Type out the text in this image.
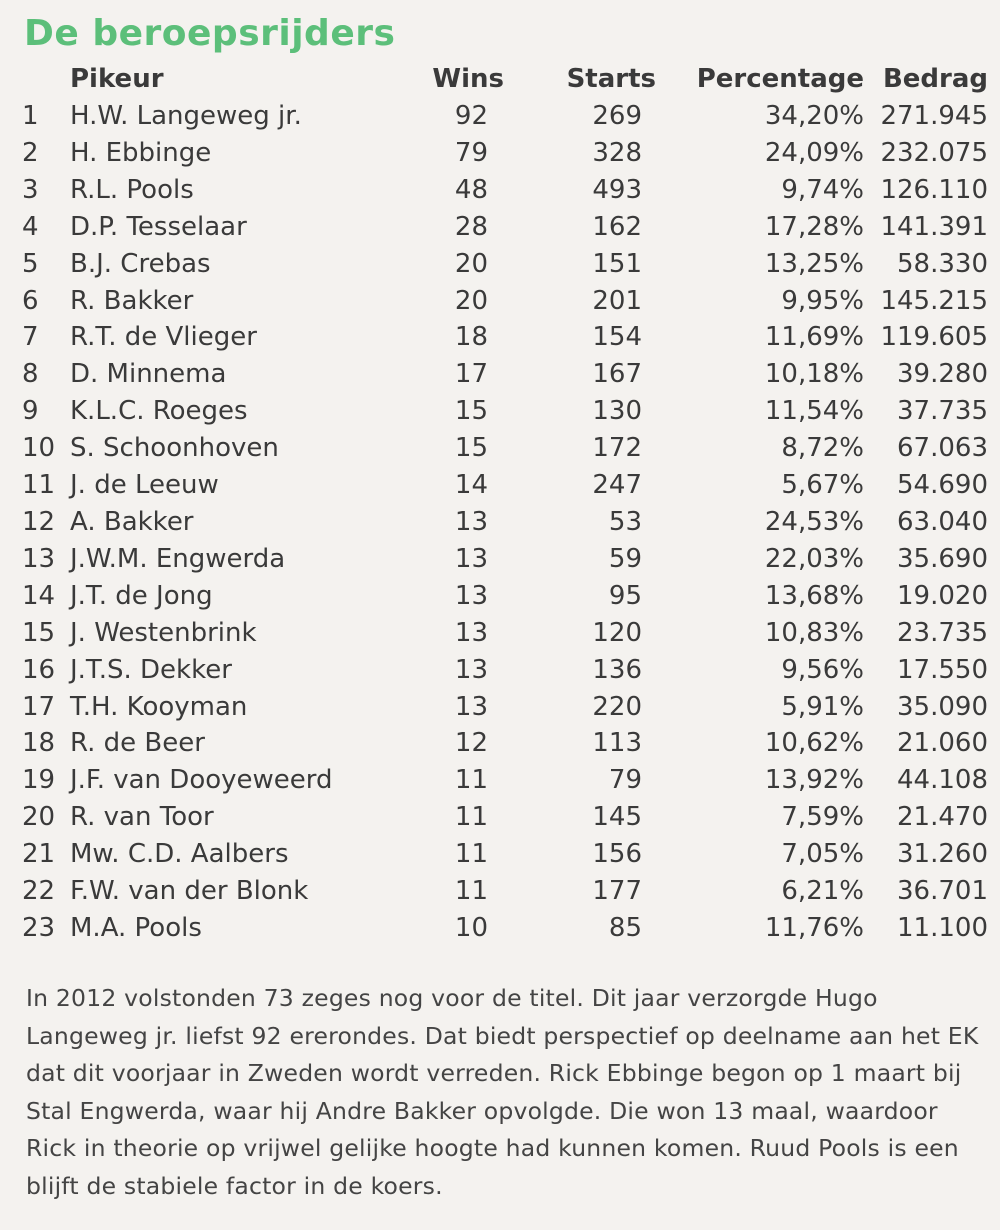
De beroepsrijders
	Pikeur	Wins	Starts	Percentage	Bedrag
1	H.W. Langeweg jr.	92	269	34,20%	271.945
2	H. Ebbinge	79	328	24,09%	232.075
3	R.L. Pools	48	493	9,74%	126.110
4	D.P. Tesselaar	28	162	17,28%	141.391
5	B.J. Crebas	20	151	13,25%	58.330
6	R. Bakker	20	201	9,95%	145.215
7	R.T. de Vlieger	18	154	11,69%	119.605
8	D. Minnema	17	167	10,18%	39.280
9	K.L.C. Roeges	15	130	11,54%	37.735
10	S. Schoonhoven	15	172	8,72%	67.063
11	J. de Leeuw	14	247	5,67%	54.690
12	A. Bakker	13	53	24,53%	63.040
13	J.W.M. Engwerda	13	59	22,03%	35.690
14	J.T. de Jong	13	95	13,68%	19.020
15	J. Westenbrink	13	120	10,83%	23.735
16	J.T.S. Dekker	13	136	9,56%	17.550
17	T.H. Kooyman	13	220	5,91%	35.090
18	R. de Beer	12	113	10,62%	21.060
19	J.F. van Dooyeweerd	11	79	13,92%	44.108
20	R. van Toor	11	145	7,59%	21.470
21	Mw. C.D. Aalbers	11	156	7,05%	31.260
22	F.W. van der Blonk	11	177	6,21%	36.701
23	M.A. Pools	10	85	11,76%	11.100

In 2012 volstonden 73 zeges nog voor de titel. Dit jaar verzorgde Hugo Langeweg jr. liefst 92 ererondes. Dat biedt perspectief op deelname aan het EK dat dit voorjaar in Zweden wordt verreden. Rick Ebbinge begon op 1 maart bij Stal Engwerda, waar hij Andre Bakker opvolgde. Die won 13 maal, waardoor Rick in theorie op vrijwel gelijke hoogte had kunnen komen. Ruud Pools is een blijft de stabiele factor in de koers.
